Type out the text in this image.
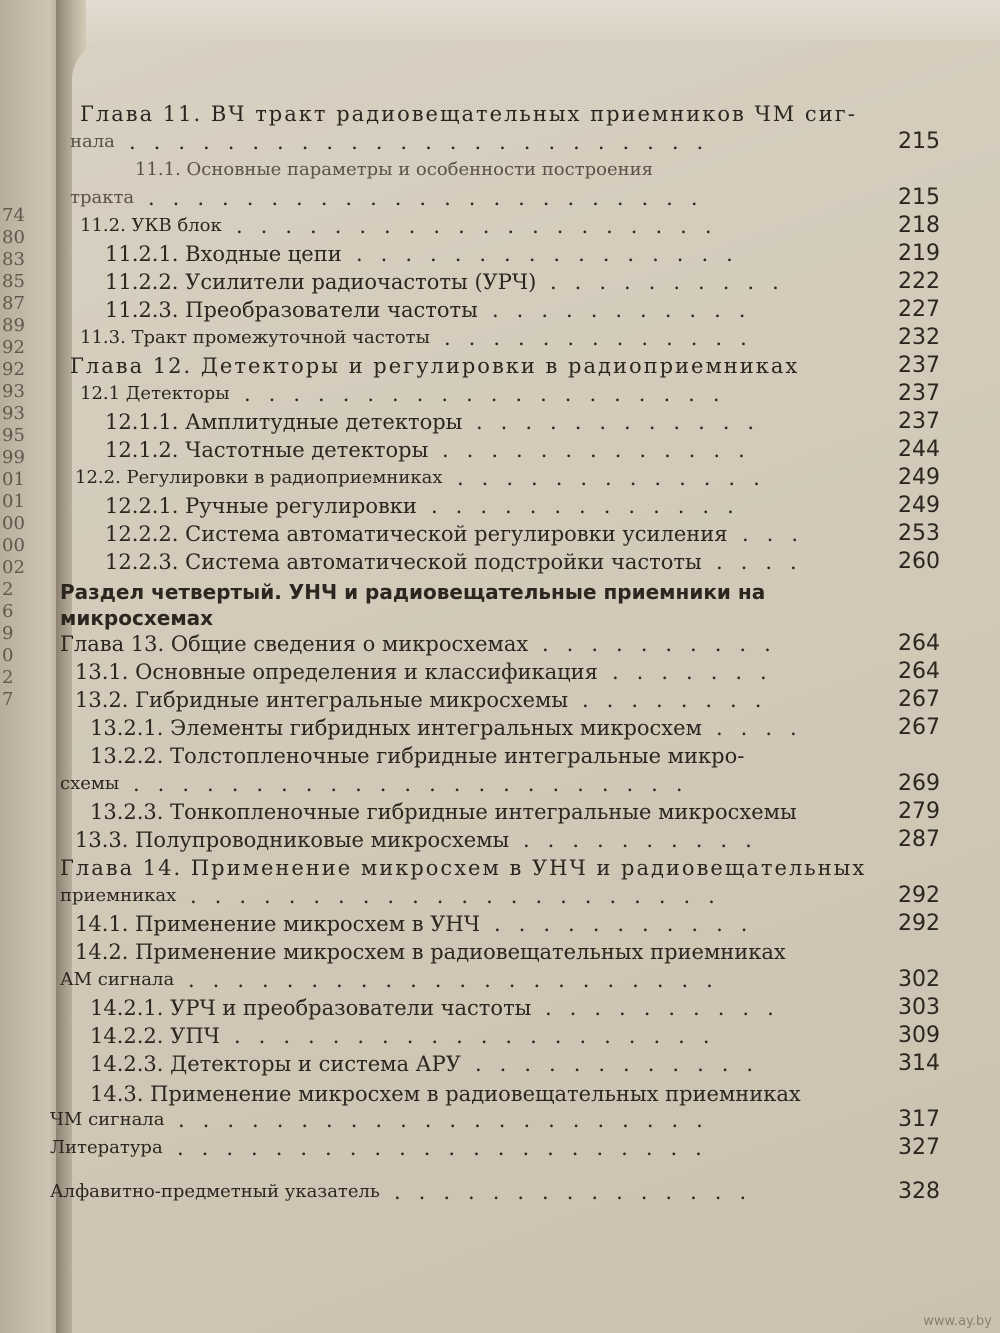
74
80
83
85
87
89
92
92
93
93
95
99
01
01
00
00
02
2
6
9
0
2
7
Глава 11. ВЧ тракт радиовещательных приемников ЧМ сиг-
нала ........................	215
11.1. Основные параметры и особенности построения
тракта .......................	215
11.2. УКВ блок ....................	218
11.2.1. Входные цепи ................	219
11.2.2. Усилители радиочастоты (УРЧ) ..........	222
11.2.3. Преобразователи частоты ...........	227
11.3. Тракт промежуточной частоты .............	232
Глава 12. Детекторы и регулировки в радиоприемниках	237
12.1 Детекторы ....................	237
12.1.1. Амплитудные детекторы ............	237
12.1.2. Частотные детекторы .............	244
12.2. Регулировки в радиоприемниках .............	249
12.2.1. Ручные регулировки .............	249
12.2.2. Система автоматической регулировки усиления ...	253
12.2.3. Система автоматической подстройки частоты ....	260
Раздел четвертый. УНЧ и радиовещательные приемники на
микросхемах
Глава 13. Общие сведения о микросхемах ..........	264
13.1. Основные определения и классификация .......	264
13.2. Гибридные интегральные микросхемы ........	267
13.2.1. Элементы гибридных интегральных микросхем ....	267
13.2.2. Толстопленочные гибридные интегральные микро-
схемы .......................	269
13.2.3. Тонкопленочные гибридные интегральные микросхемы	279
13.3. Полупроводниковые микросхемы ..........	287
Глава 14. Применение микросхем в УНЧ и радиовещательных
приемниках ......................	292
14.1. Применение микросхем в УНЧ ...........	292
14.2. Применение микросхем в радиовещательных приемниках
АМ сигнала ......................	302
14.2.1. УРЧ и преобразователи частоты ..........	303
14.2.2. УПЧ ....................	309
14.2.3. Детекторы и система АРУ ............	314
14.3. Применение микросхем в радиовещательных приемниках
ЧМ сигнала ......................	317
Литература ......................	327
Алфавитно-предметный указатель ...............	328
www.ay.by
